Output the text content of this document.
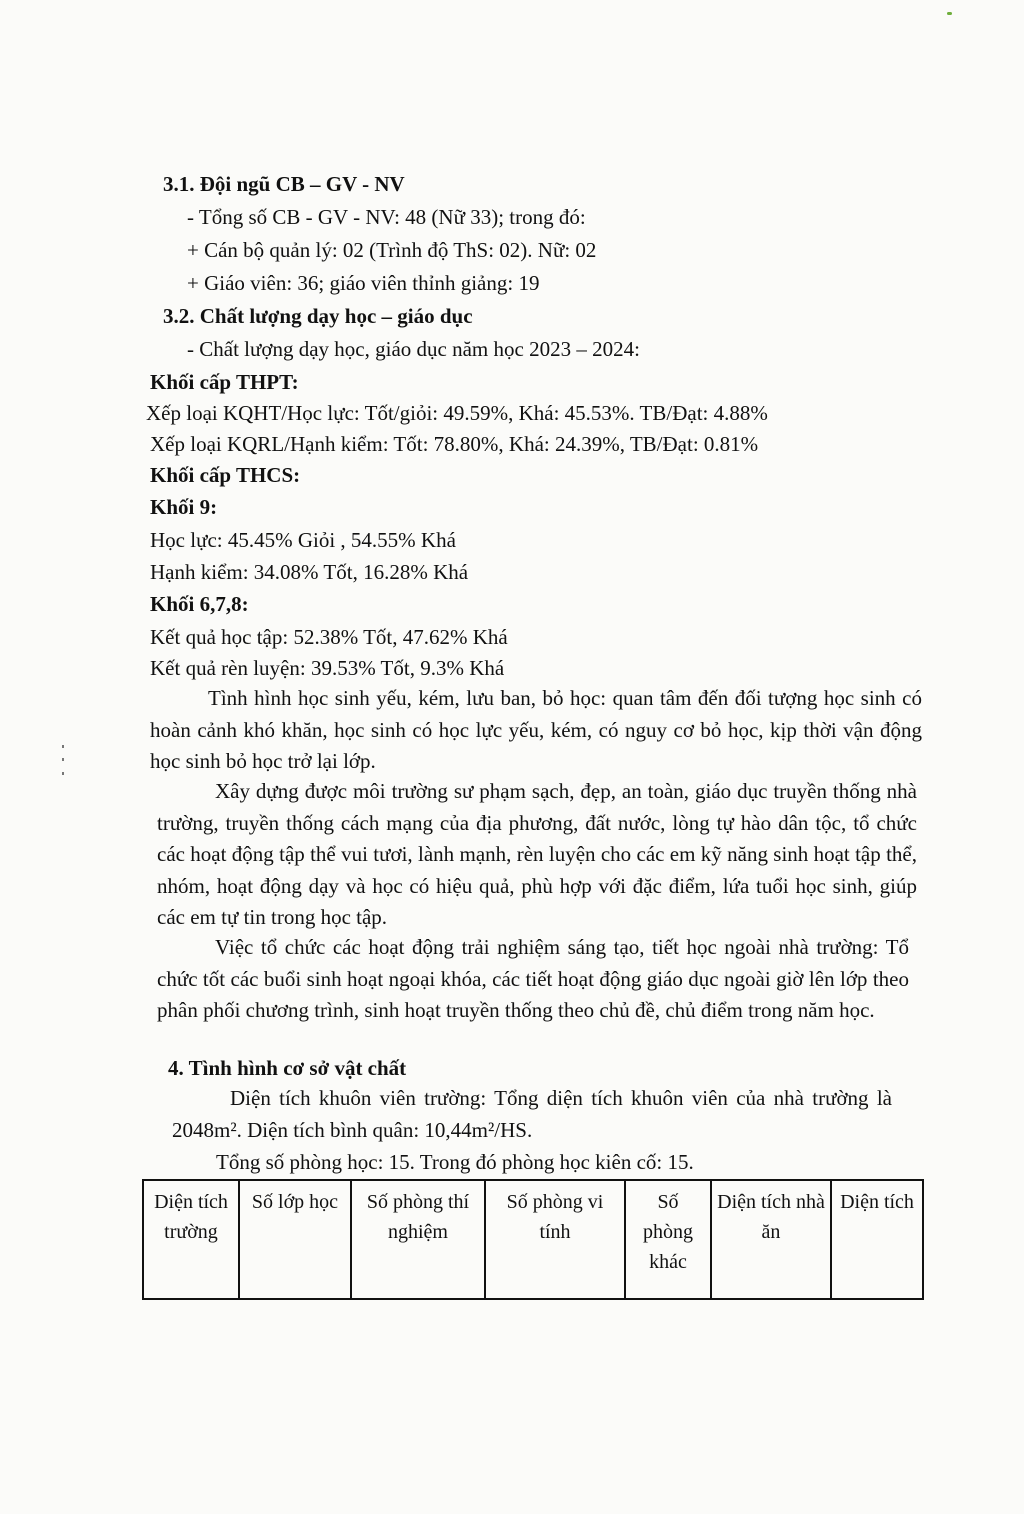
3.1. Đội ngũ CB – GV - NV
- Tổng số CB - GV - NV: 48 (Nữ 33); trong đó:
+ Cán bộ quản lý: 02 (Trình độ ThS: 02). Nữ: 02
+ Giáo viên: 36; giáo viên thỉnh giảng: 19
3.2. Chất lượng dạy học – giáo dục
- Chất lượng dạy học, giáo dục năm học 2023 – 2024:
Khối cấp THPT:
Xếp loại KQHT/Học lực: Tốt/giỏi: 49.59%, Khá: 45.53%. TB/Đạt: 4.88%
Xếp loại KQRL/Hạnh kiểm: Tốt: 78.80%, Khá: 24.39%, TB/Đạt: 0.81%
Khối cấp THCS:
Khối 9:
Học lực: 45.45% Giỏi , 54.55% Khá
Hạnh kiểm: 34.08% Tốt, 16.28% Khá
Khối 6,7,8:
Kết quả học tập: 52.38% Tốt, 47.62% Khá
Kết quả rèn luyện: 39.53% Tốt, 9.3% Khá
Tình hình học sinh yếu, kém, lưu ban, bỏ học: quan tâm đến đối tượng học sinh có hoàn cảnh khó khăn, học sinh có học lực yếu, kém, có nguy cơ bỏ học, kịp thời vận động học sinh bỏ học trở lại lớp.
Xây dựng được môi trường sư phạm sạch, đẹp, an toàn, giáo dục truyền thống nhà trường, truyền thống cách mạng của địa phương, đất nước, lòng tự hào dân tộc, tổ chức các hoạt động tập thể vui tươi, lành mạnh, rèn luyện cho các em kỹ năng sinh hoạt tập thể, nhóm, hoạt động dạy và học có hiệu quả, phù hợp với đặc điểm, lứa tuổi học sinh, giúp các em tự tin trong học tập.
Việc tổ chức các hoạt động trải nghiệm sáng tạo, tiết học ngoài nhà trường: Tổ chức tốt các buổi sinh hoạt ngoại khóa, các tiết hoạt động giáo dục ngoài giờ lên lớp theo phân phối chương trình, sinh hoạt truyền thống theo chủ đề, chủ điểm trong năm học.
4. Tình hình cơ sở vật chất
Diện tích khuôn viên trường: Tổng diện tích khuôn viên của nhà trường là 2048m². Diện tích bình quân: 10,44m²/HS.
Tổng số phòng học: 15. Trong đó phòng học kiên cố: 15.
Diện tích trường	Số lớp học	Số phòng thí nghiệm	Số phòng vi tính	Số phòng khác	Diện tích nhà ăn	Diện tích
